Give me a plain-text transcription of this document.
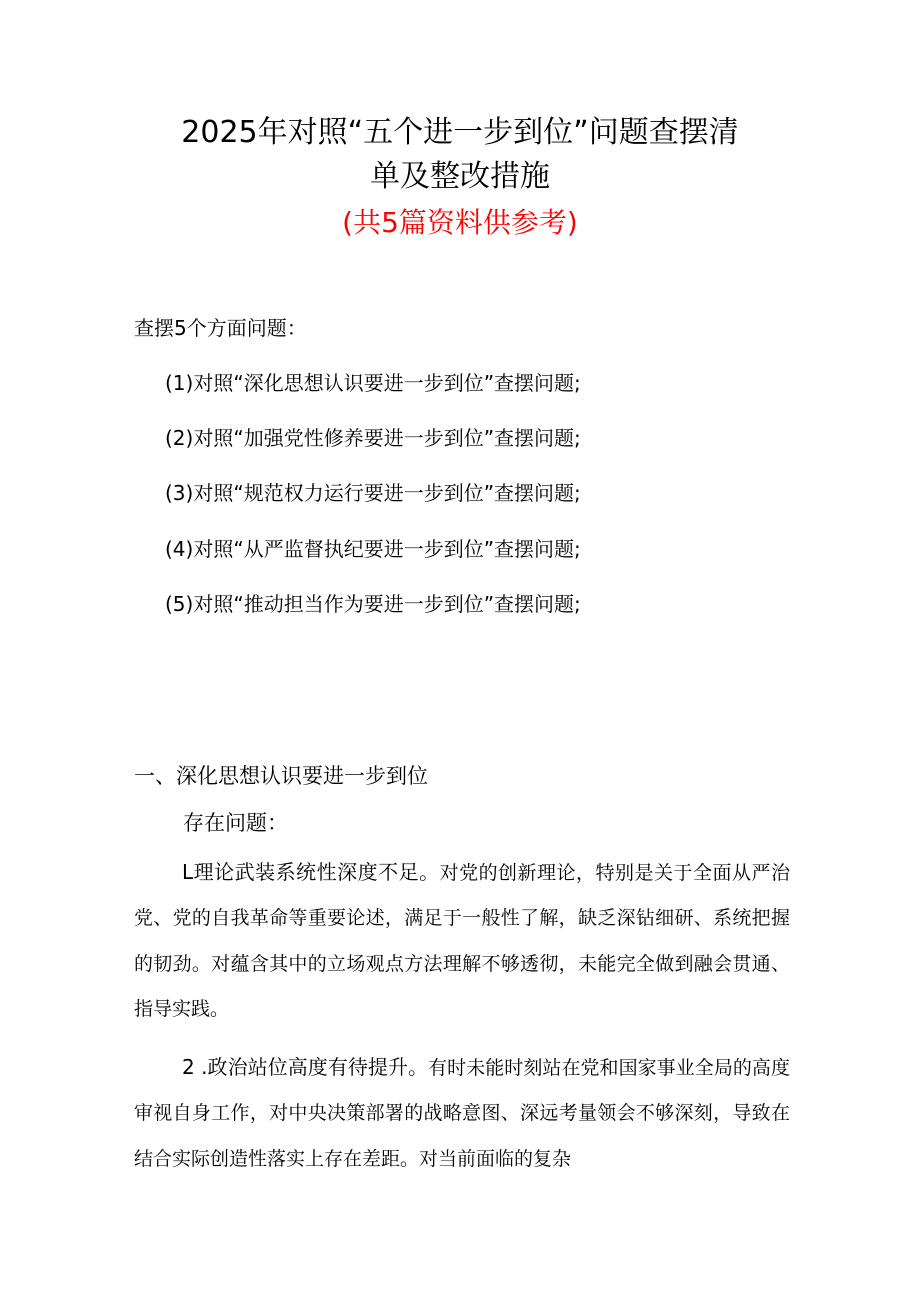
2025年对照“五个进一步到位”问题查摆清
单及整改措施
(共5篇资料供参考)
查摆5个方面问题：
(1)对照“深化思想认识要进一步到位”查摆问题;
(2)对照“加强党性修养要进一步到位”查摆问题;
(3)对照“规范权力运行要进一步到位”查摆问题;
(4)对照“从严监督执纪要进一步到位”查摆问题;
(5)对照“推动担当作为要进一步到位”查摆问题;
一、深化思想认识要进一步到位
存在问题：
L理论武装系统性深度不足。对党的创新理论，特别是关于全面从严治党、党的自我革命等重要论述，满足于一般性了解，缺乏深钻细研、系统把握的韧劲。对蕴含其中的立场观点方法理解不够透彻，未能完全做到融会贯通、指导实践。
2 .政治站位高度有待提升。有时未能时刻站在党和国家事业全局的高度审视自身工作，对中央决策部署的战略意图、深远考量领会不够深刻，导致在结合实际创造性落实上存在差距。对当前面临的复杂
